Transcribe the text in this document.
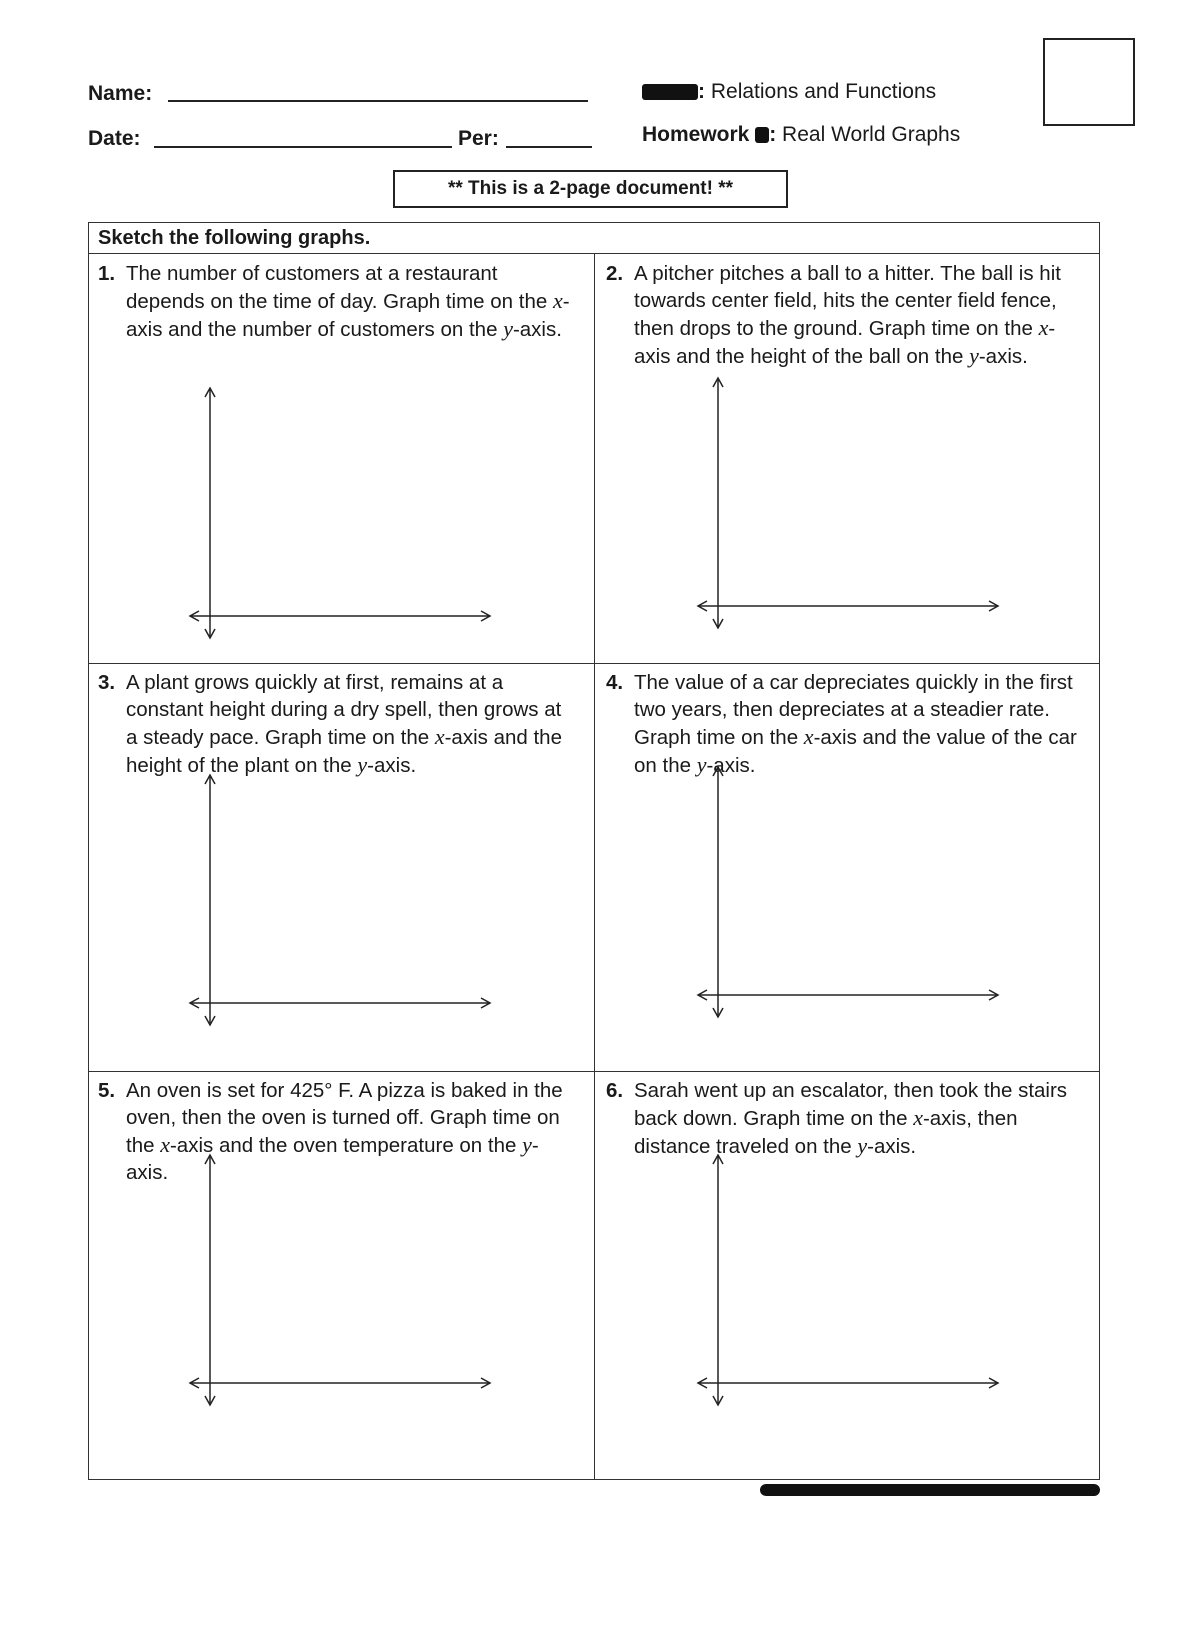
Name:
Date:	Per:
: Relations and Functions
Homework : Real World Graphs
** This is a 2-page document! **
Sketch the following graphs.
1. The number of customers at a restaurant depends on the time of day. Graph time on the x-axis and the number of customers on the y-axis.
2. A pitcher pitches a ball to a hitter. The ball is hit towards center field, hits the center field fence, then drops to the ground. Graph time on the x-axis and the height of the ball on the y-axis.
3. A plant grows quickly at first, remains at a constant height during a dry spell, then grows at a steady pace. Graph time on the x-axis and the height of the plant on the y-axis.
4. The value of a car depreciates quickly in the first two years, then depreciates at a steadier rate. Graph time on the x-axis and the value of the car on the y-axis.
5. An oven is set for 425° F. A pizza is baked in the oven, then the oven is turned off. Graph time on the x-axis and the oven temperature on the y-axis.
6. Sarah went up an escalator, then took the stairs back down. Graph time on the x-axis, then distance traveled on the y-axis.
